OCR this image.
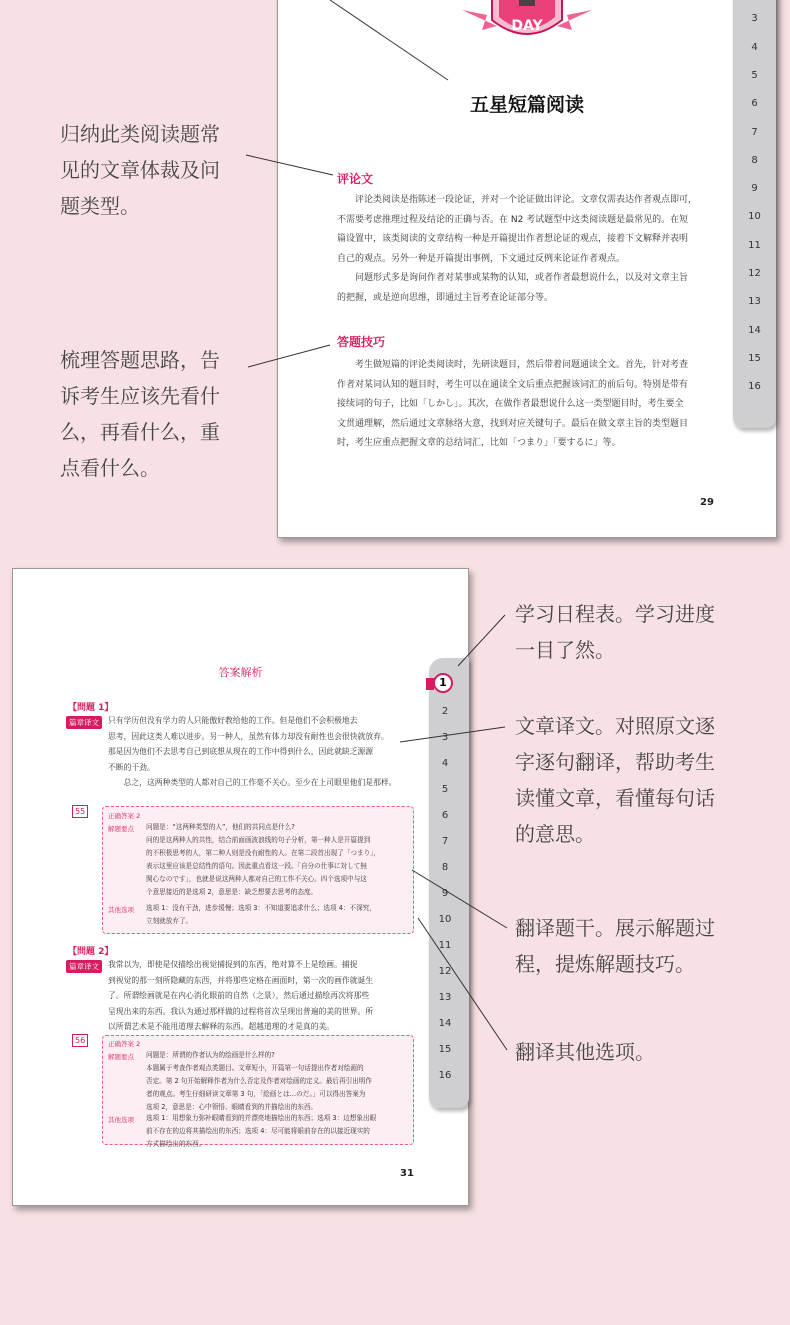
3
4
5
6
7
8
9
10
11
12
13
14
15
16
DAY
五星短篇阅读
评论文
评论类阅读是指陈述一段论证，并对一个论证做出评论。文章仅需表达作者观点即可，
不需要考虑推理过程及结论的正确与否。在 N2 考试题型中这类阅读题是最常见的。在短
篇设置中，该类阅读的文章结构一种是开篇提出作者想论证的观点，接着下文解释并表明
自己的观点。另外一种是开篇提出事例，下文通过反例来论证作者观点。
问题形式多是询问作者对某事或某物的认知，或者作者最想说什么，以及对文章主旨
的把握，或是逆向思维，即通过主旨考查论证部分等。
答题技巧
考生做短篇的评论类阅读时，先研读题目，然后带着问题通读全文。首先，针对考查
作者对某词认知的题目时，考生可以在通读全文后重点把握该词汇的前后句。特别是带有
接续词的句子，比如「しかし」。其次，在做作者最想说什么这一类型题目时，考生要全
文贯通理解，然后通过文章脉络大意，找到对应关键句子。最后在做文章主旨的类型题目
时，考生应重点把握文章的总结词汇，比如「つまり」「要するに」等。
29
1
2
3
4
5
6
7
8
9
10
11
12
13
14
15
16
答案解析
【問題 1】
篇章译文	只有学历但没有学力的人只能傲好教给他的工作。但是他们不会积极地去
思考，因此这类人难以进步。另一种人，虽然有体力却没有耐性也会很快就放弃。
那是因为他们不去思考自己到底想从现在的工作中得到什么，因此就缺乏源源
不断的干劲。
总之，这两种类型的人都对自己的工作毫不关心。至少在上司眼里他们是那样。
55	正确答案 2
解题要点 问题是：“这两种类型的人”，他们的共同点是什么?
问的是这两种人的共性，结合前面画波浪线的句子分析，第一种人是开篇提到
的不积极思考的人，第二种人则是没有耐性的人。在第二段首出现了「つまり」，
表示这里应该是总结性的语句。因此重点看这一段。「自分の仕事に対して無
関心なのです」，也就是说这两种人都对自己的工作不关心。四个选项中与这
个意思接近的是选项 2，意思是：缺乏想要去思考的态度。
其他选项 选项 1：没有干劲，进步缓慢；选项 3：不知道要追求什么；选项 4：不深究，
立刻就放弃了。
【問題 2】
篇章译文	我常以为，即使是仅描绘出视觉捕捉到的东西，绝对算不上是绘画。捕捉
到视觉的那一刻所隐藏的东西，并将那些定格在画面时，第一次的画作就诞生
了。所谓绘画就是在内心消化眼前的自然（之景），然后通过描绘再次将那些
呈现出来的东西。我认为通过那样做的过程将首次呈现出普遍的美的世界。所
以所谓艺术是不能用道理去解释的东西。超越道理的才是真的美。
56	正确答案 2
解题要点 问题是：所谓的作者认为的绘画是什么样的?
本题属于考查作者观点类题目。文章短小，开篇第一句话提出作者对绘画的
否定。第 2 句开始解释作者为什么否定及作者对绘画的定义。最后再引出明作
者的观点。考生仔细研读文章第 3 句，「絵画とは…のだ。」可以得出答案为
选项 2，意思是：心中领悟、眼睛看到的并描绘出的东西。
其他选项 选项 1：用想象力弥补眼睛看到的并漂亮地描绘出的东西；选项 3：边想象出眼
前不存在的边将其描绘出的东西；选项 4：尽可能将眼前存在的以接近现实的
方式描绘出的东西。
31
归纳此类阅读题常
见的文章体裁及问
题类型。
梳理答题思路，告
诉考生应该先看什
么，再看什么，重
点看什么。
学习日程表。学习进度
一目了然。
文章译文。对照原文逐
字逐句翻译，帮助考生
读懂文章，看懂每句话
的意思。
翻译题干。展示解题过
程，提炼解题技巧。
翻译其他选项。
